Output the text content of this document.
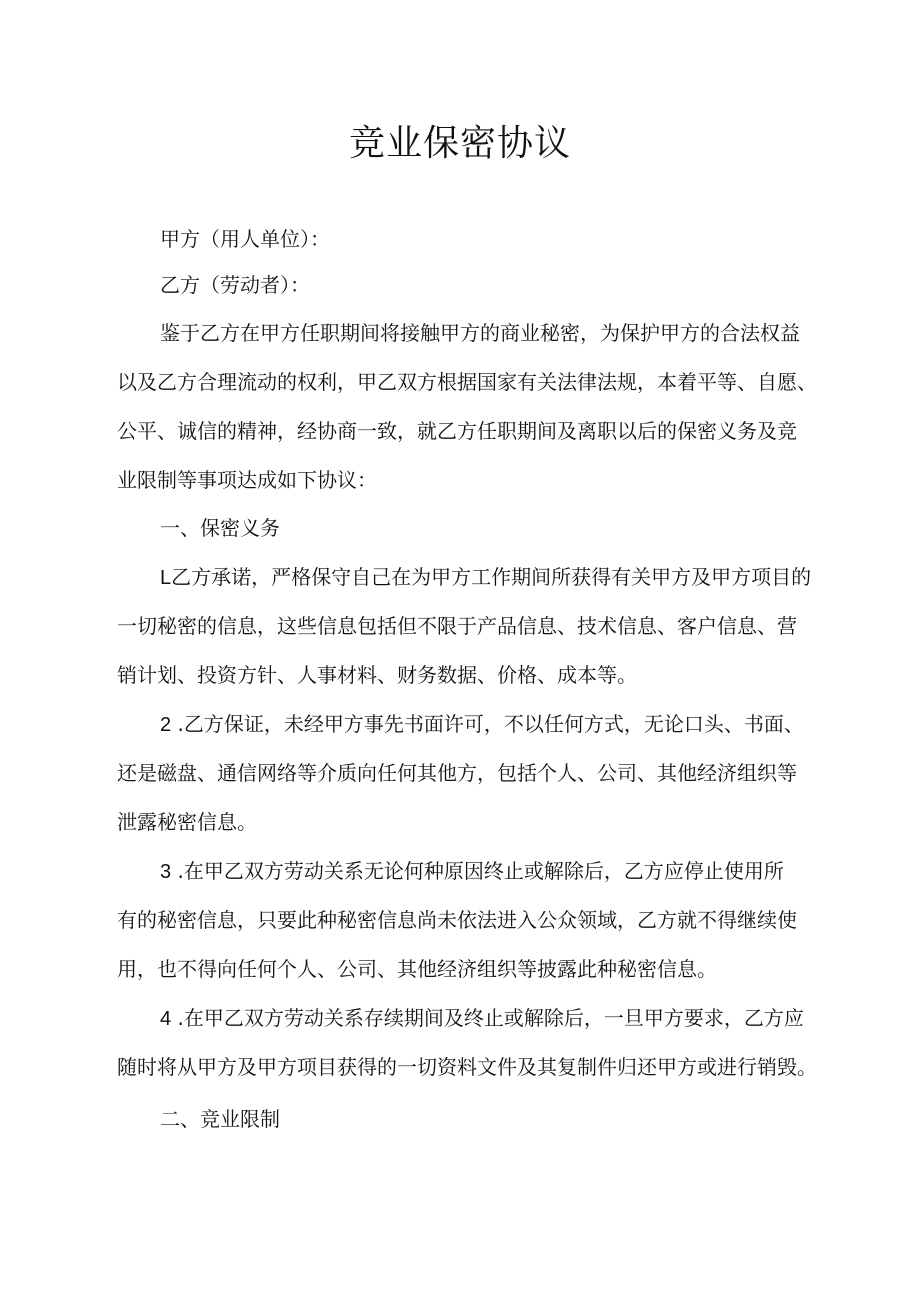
竞业保密协议
甲方（用人单位）：
乙方（劳动者）：
鉴于乙方在甲方任职期间将接触甲方的商业秘密，为保护甲方的合法权益
以及乙方合理流动的权利，甲乙双方根据国家有关法律法规，本着平等、自愿、
公平、诚信的精神，经协商一致，就乙方任职期间及离职以后的保密义务及竞
业限制等事项达成如下协议：
一、保密义务
L乙方承诺，严格保守自己在为甲方工作期间所获得有关甲方及甲方项目的
一切秘密的信息，这些信息包括但不限于产品信息、技术信息、客户信息、营
销计划、投资方针、人事材料、财务数据、价格、成本等。
2 .乙方保证，未经甲方事先书面许可，不以任何方式，无论口头、书面、
还是磁盘、通信网络等介质向任何其他方，包括个人、公司、其他经济组织等
泄露秘密信息。
3 .在甲乙双方劳动关系无论何种原因终止或解除后，乙方应停止使用所
有的秘密信息，只要此种秘密信息尚未依法进入公众领域，乙方就不得继续使
用，也不得向任何个人、公司、其他经济组织等披露此种秘密信息。
4 .在甲乙双方劳动关系存续期间及终止或解除后，一旦甲方要求，乙方应
随时将从甲方及甲方项目获得的一切资料文件及其复制件归还甲方或进行销毁。
二、竞业限制
